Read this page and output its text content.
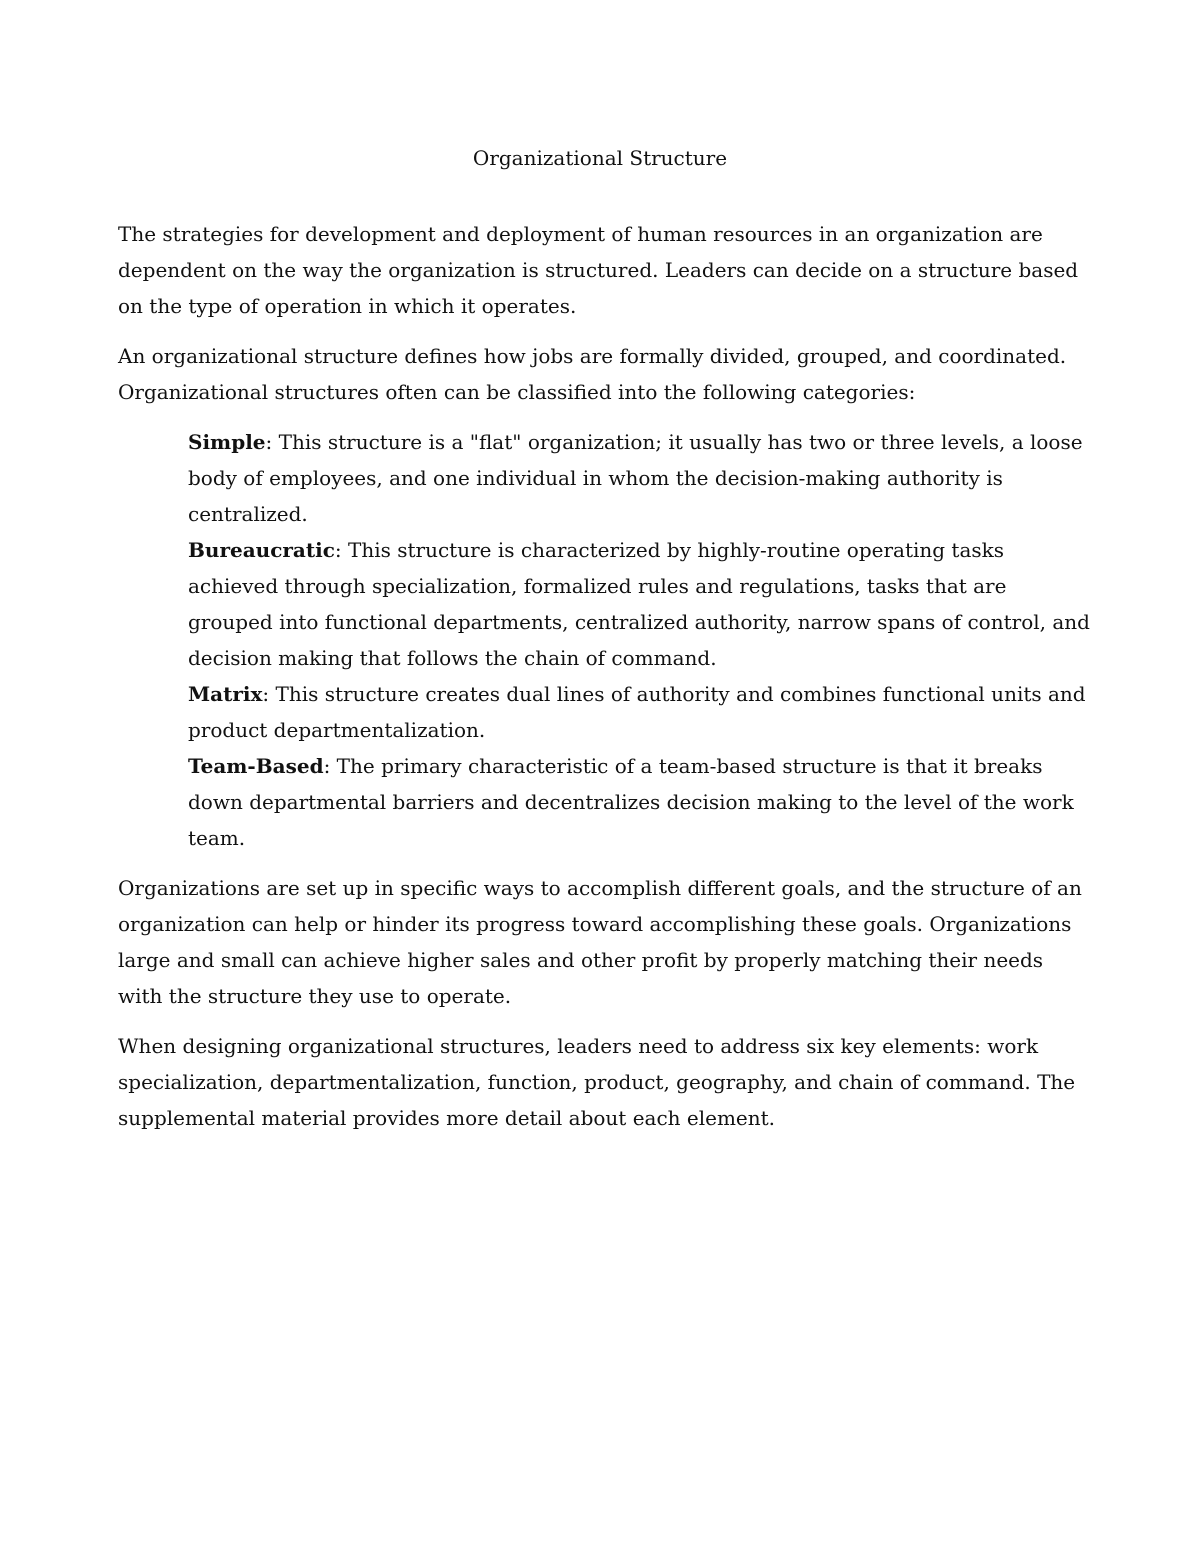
Organizational Structure

The strategies for development and deployment of human resources in an organization are dependent on the way the organization is structured. Leaders can decide on a structure based on the type of operation in which it operates.

An organizational structure defines how jobs are formally divided, grouped, and coordinated. Organizational structures often can be classified into the following categories:

Simple: This structure is a "flat" organization; it usually has two or three levels, a loose body of employees, and one individual in whom the decision-making authority is centralized.
Bureaucratic: This structure is characterized by highly-routine operating tasks achieved through specialization, formalized rules and regulations, tasks that are grouped into functional departments, centralized authority, narrow spans of control, and decision making that follows the chain of command.
Matrix: This structure creates dual lines of authority and combines functional units and product departmentalization.
Team-Based: The primary characteristic of a team-based structure is that it breaks down departmental barriers and decentralizes decision making to the level of the work team.

Organizations are set up in specific ways to accomplish different goals, and the structure of an organization can help or hinder its progress toward accomplishing these goals. Organizations large and small can achieve higher sales and other profit by properly matching their needs with the structure they use to operate.

When designing organizational structures, leaders need to address six key elements: work specialization, departmentalization, function, product, geography, and chain of command. The supplemental material provides more detail about each element.
